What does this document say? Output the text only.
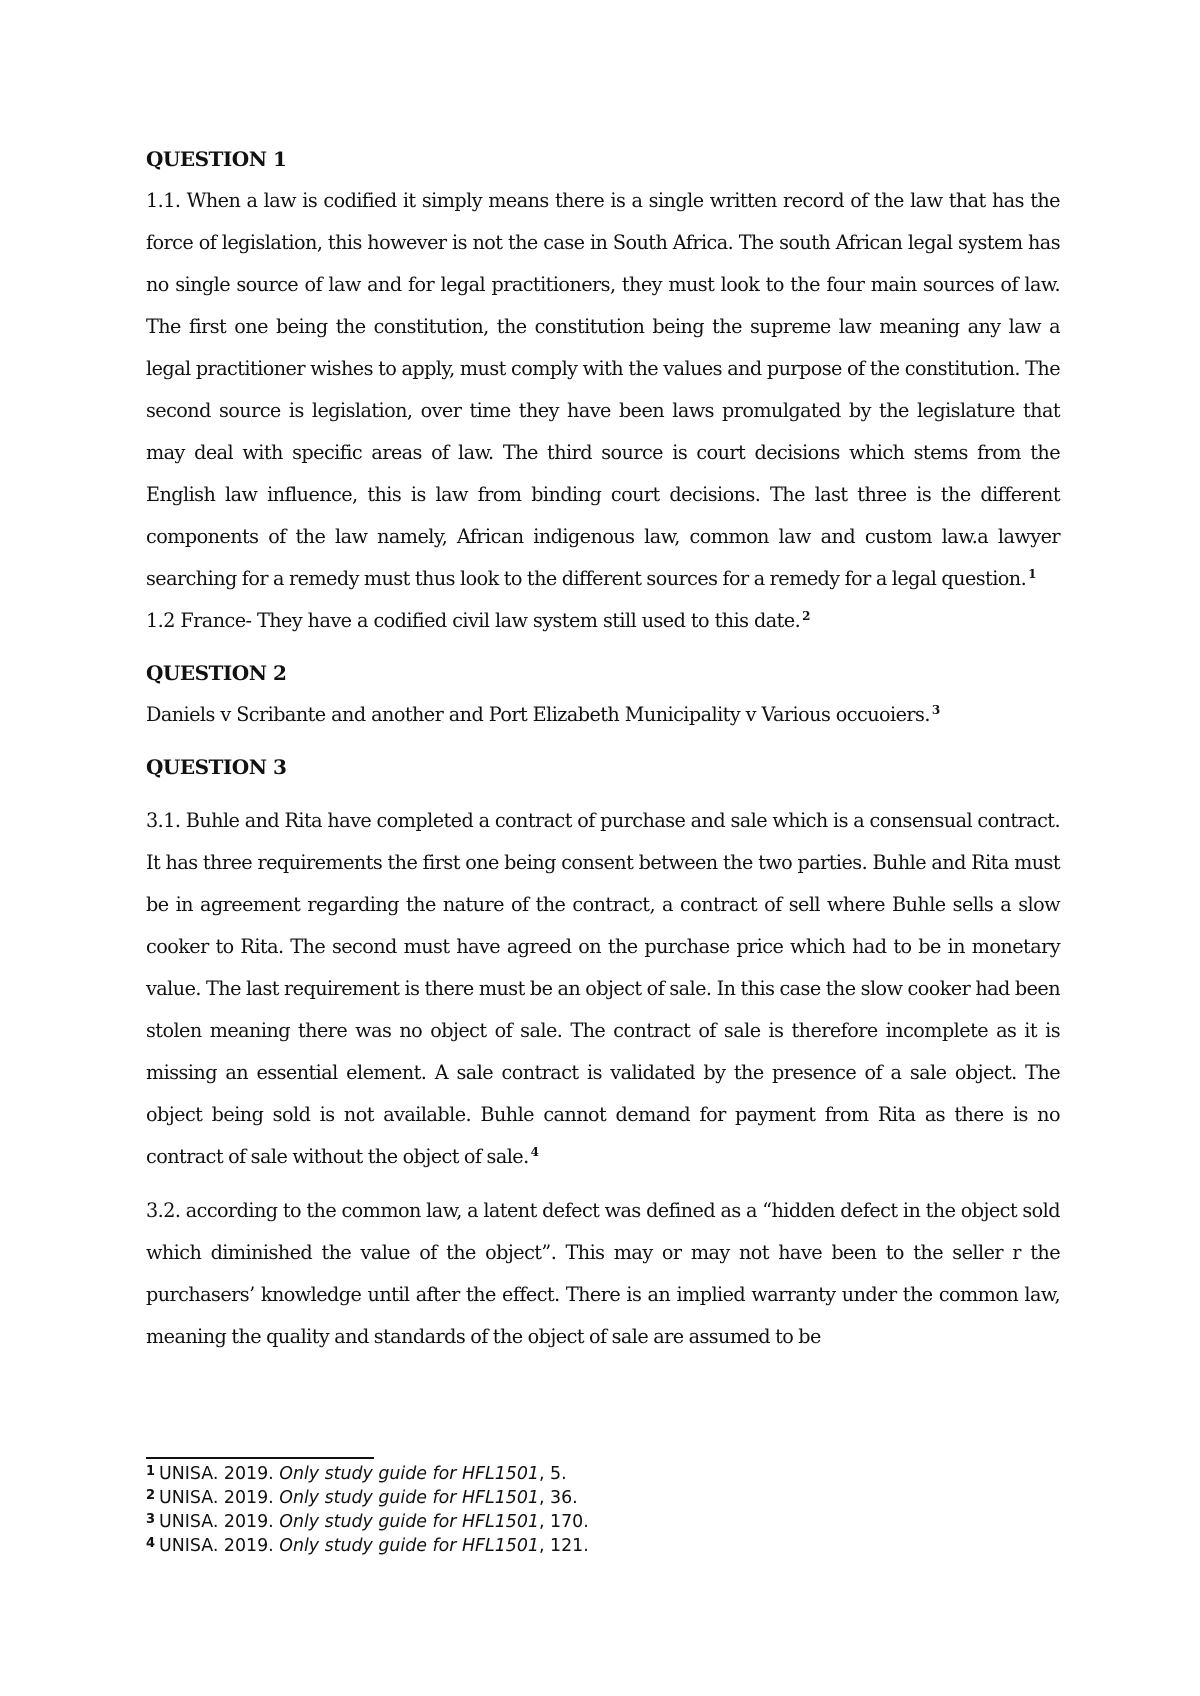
QUESTION 1

1.1. When a law is codified it simply means there is a single written record of the law that has the force of legislation, this however is not the case in South Africa. The south African legal system has no single source of law and for legal practitioners, they must look to the four main sources of law. The first one being the constitution, the constitution being the supreme law meaning any law a legal practitioner wishes to apply, must comply with the values and purpose of the constitution. The second source is legislation, over time they have been laws promulgated by the legislature that may deal with specific areas of law. The third source is court decisions which stems from the English law influence, this is law from binding court decisions. The last three is the different components of the law namely, African indigenous law, common law and custom law.a lawyer searching for a remedy must thus look to the different sources for a remedy for a legal question. $^1$

1.2 France- They have a codified civil law system still used to this date. $^2$

QUESTION 2

Daniels v Scribante and another and Port Elizabeth Municipality v Various occuoiers. $^3$

QUESTION 3

3.1. Buhle and Rita have completed a contract of purchase and sale which is a consensual contract. It has three requirements the first one being consent between the two parties. Buhle and Rita must be in agreement regarding the nature of the contract, a contract of sell where Buhle sells a slow cooker to Rita. The second must have agreed on the purchase price which had to be in monetary value. The last requirement is there must be an object of sale. In this case the slow cooker had been stolen meaning there was no object of sale. The contract of sale is therefore incomplete as it is missing an essential element. A sale contract is validated by the presence of a sale object. The object being sold is not available. Buhle cannot demand for payment from Rita as there is no contract of sale without the object of sale. $^4$

3.2. according to the common law, a latent defect was defined as a “hidden defect in the object sold which diminished the value of the object”. This may or may not have been to the seller r the purchasers’ knowledge until after the effect. There is an implied warranty under the common law, meaning the quality and standards of the object of sale are assumed to be

$^1$ UNISA. 2019. Only study guide for HFL1501, 5.
$^2$ UNISA. 2019. Only study guide for HFL1501, 36.
$^3$ UNISA. 2019. Only study guide for HFL1501, 170.
$^4$ UNISA. 2019. Only study guide for HFL1501, 121.
